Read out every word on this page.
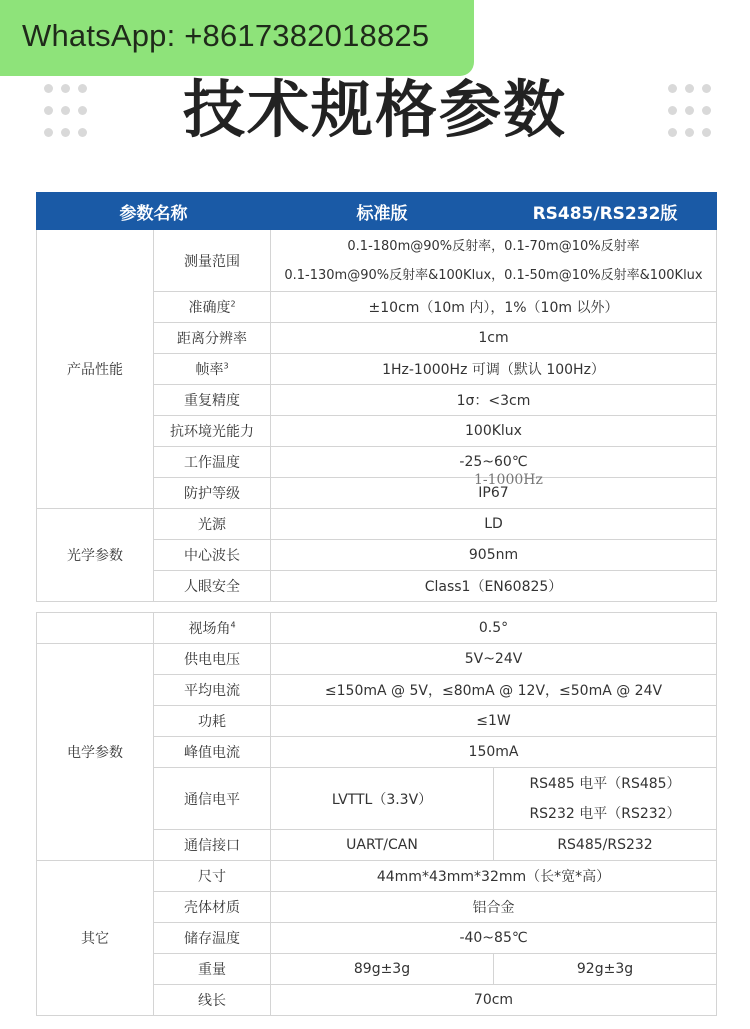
WhatsApp: +8617382018825
技术规格参数
参数名称		标准版	RS485/RS232版
产品性能	测量范围	0.1-180m@90%反射率，0.1-70m@10%反射率
0.1-130m@90%反射率&100Klux，0.1-50m@10%反射率&100Klux	

	准确度$^2$	±10cm（10m 内），1%（10m 以外）	
	距离分辨率	1cm	
	帧率$^3$	1Hz-1000Hz 可调（默认 100Hz）	
	重复精度	1σ：<3cm	
	抗环境光能力	100Klux	
	工作温度	-25~60℃	
	防护等级	IP67	
光学参数	光源	LD	
	中心波长	905nm	
	人眼安全	Class1（EN60825）	
1-1000Hz
	视场角$^4$	0.5°	
电学参数	供电电压	5V~24V	
	平均电流	≤150mA @ 5V，≤80mA @ 12V，≤50mA @ 24V	
	功耗	≤1W	
	峰值电流	150mA	
	通信电平	LVTTL（3.3V）	RS485 电平（RS485）
RS232 电平（RS232）

	通信接口	UART/CAN	RS485/RS232
其它	尺寸	44mm*43mm*32mm（长*宽*高）	
	壳体材质	铝合金	
	储存温度	-40~85℃	
	重量	89g±3g	92g±3g
	线长	70cm	
